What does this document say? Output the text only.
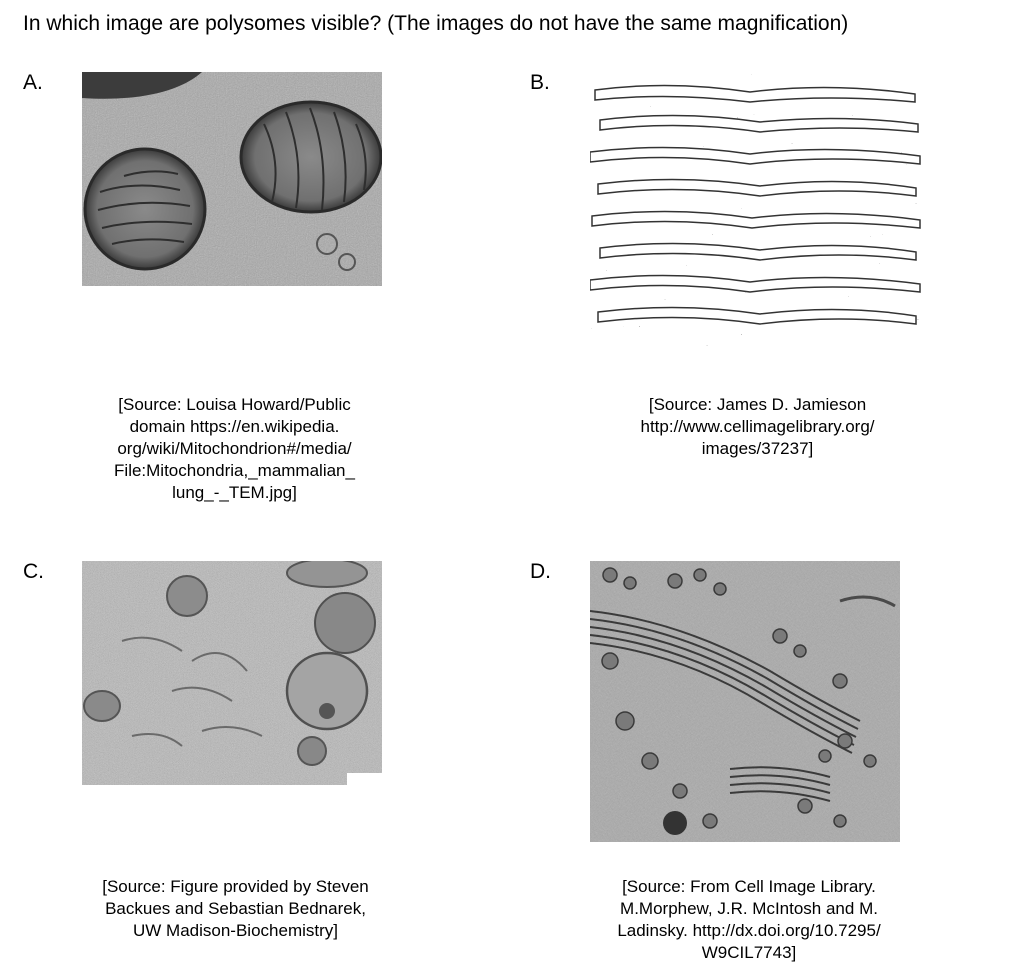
In which image are polysomes visible? (The images do not have the same magnification)
A.
[Source: Louisa Howard/Public
domain https://en.wikipedia.
org/wiki/Mitochondrion#/media/
File:Mitochondria,_mammalian_
lung_-_TEM.jpg]
B.
[Source: James D. Jamieson
http://www.cellimagelibrary.org/
images/37237]
C.
[Source: Figure provided by Steven
Backues and Sebastian Bednarek,
UW Madison-Biochemistry]
D.
[Source: From Cell Image Library.
M.Morphew, J.R. McIntosh and M.
Ladinsky. http://dx.doi.org/10.7295/
W9CIL7743]
